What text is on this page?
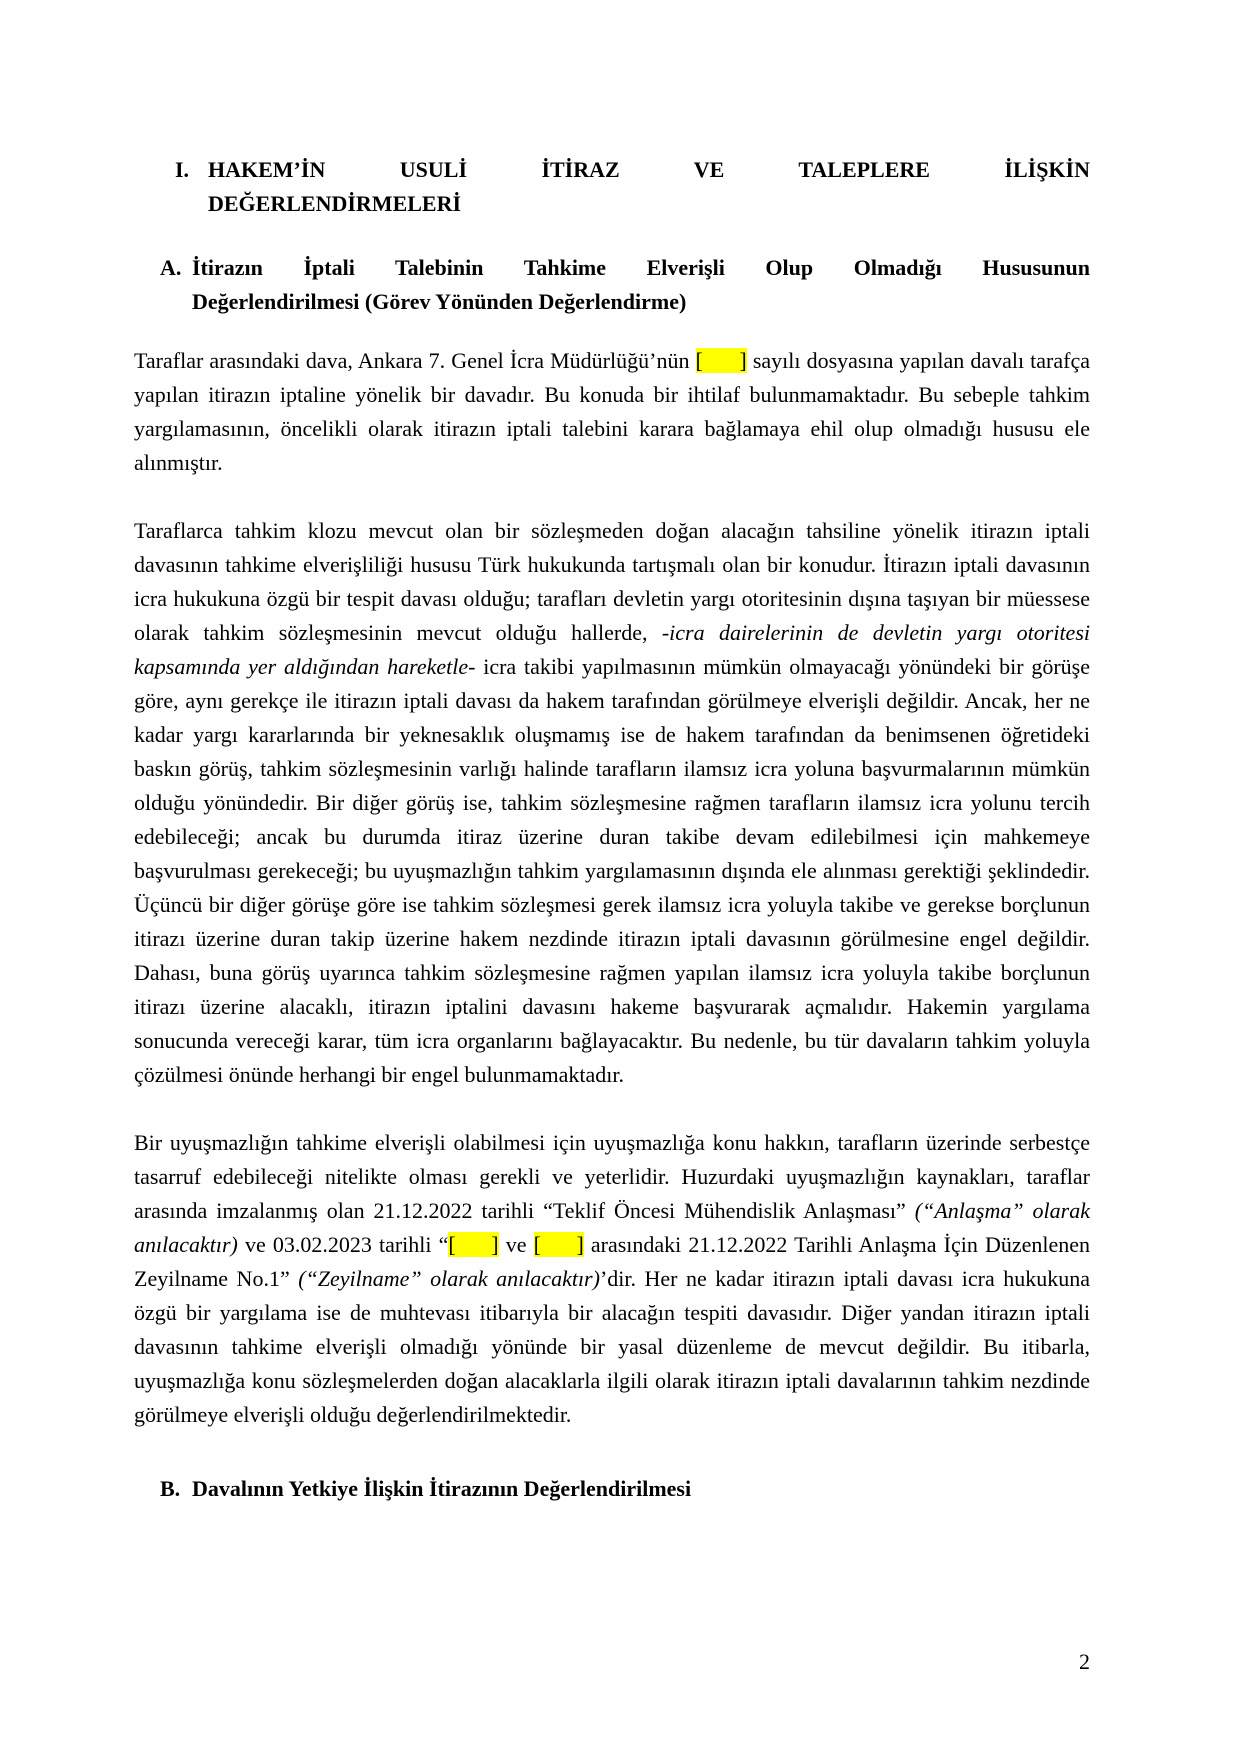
I. HAKEM’İN USULİ İTİRAZ VE TALEPLERE İLİŞKİN
DEĞERLENDİRMELERİ
A. İtirazın İptali Talebinin Tahkime Elverişli Olup Olmadığı Hususunun
Değerlendirilmesi (Görev Yönünden Değerlendirme)

Taraflar arasındaki dava, Ankara 7. Genel İcra Müdürlüğü’nün [      ] sayılı dosyasına yapılan davalı tarafça yapılan itirazın iptaline yönelik bir davadır. Bu konuda bir ihtilaf bulunmamaktadır. Bu sebeple tahkim yargılamasının, öncelikli olarak itirazın iptali talebini karara bağlamaya ehil olup olmadığı hususu ele alınmıştır.

Taraflarca tahkim klozu mevcut olan bir sözleşmeden doğan alacağın tahsiline yönelik itirazın iptali davasının tahkime elverişliliği hususu Türk hukukunda tartışmalı olan bir konudur. İtirazın iptali davasının icra hukukuna özgü bir tespit davası olduğu; tarafları devletin yargı otoritesinin dışına taşıyan bir müessese olarak tahkim sözleşmesinin mevcut olduğu hallerde, -icra dairelerinin de devletin yargı otoritesi kapsamında yer aldığından hareketle- icra takibi yapılmasının mümkün olmayacağı yönündeki bir görüşe göre, aynı gerekçe ile itirazın iptali davası da hakem tarafından görülmeye elverişli değildir. Ancak, her ne kadar yargı kararlarında bir yeknesaklık oluşmamış ise de hakem tarafından da benimsenen öğretideki baskın görüş, tahkim sözleşmesinin varlığı halinde tarafların ilamsız icra yoluna başvurmalarının mümkün olduğu yönündedir. Bir diğer görüş ise, tahkim sözleşmesine rağmen tarafların ilamsız icra yolunu tercih edebileceği; ancak bu durumda itiraz üzerine duran takibe devam edilebilmesi için mahkemeye başvurulması gerekeceği; bu uyuşmazlığın tahkim yargılamasının dışında ele alınması gerektiği şeklindedir. Üçüncü bir diğer görüşe göre ise tahkim sözleşmesi gerek ilamsız icra yoluyla takibe ve gerekse borçlunun itirazı üzerine duran takip üzerine hakem nezdinde itirazın iptali davasının görülmesine engel değildir. Dahası, buna görüş uyarınca tahkim sözleşmesine rağmen yapılan ilamsız icra yoluyla takibe borçlunun itirazı üzerine alacaklı, itirazın iptalini davasını hakeme başvurarak açmalıdır. Hakemin yargılama sonucunda vereceği karar, tüm icra organlarını bağlayacaktır. Bu nedenle, bu tür davaların tahkim yoluyla çözülmesi önünde herhangi bir engel bulunmamaktadır.

Bir uyuşmazlığın tahkime elverişli olabilmesi için uyuşmazlığa konu hakkın, tarafların üzerinde serbestçe tasarruf edebileceği nitelikte olması gerekli ve yeterlidir. Huzurdaki uyuşmazlığın kaynakları, taraflar arasında imzalanmış olan 21.12.2022 tarihli “Teklif Öncesi Mühendislik Anlaşması” (“Anlaşma” olarak anılacaktır) ve 03.02.2023 tarihli “[     ] ve [     ] arasındaki 21.12.2022 Tarihli Anlaşma İçin Düzenlenen Zeyilname No.1” (“Zeyilname” olarak anılacaktır)’dir. Her ne kadar itirazın iptali davası icra hukukuna özgü bir yargılama ise de muhtevası itibarıyla bir alacağın tespiti davasıdır. Diğer yandan itirazın iptali davasının tahkime elverişli olmadığı yönünde bir yasal düzenleme de mevcut değildir. Bu itibarla, uyuşmazlığa konu sözleşmelerden doğan alacaklarla ilgili olarak itirazın iptali davalarının tahkim nezdinde görülmeye elverişli olduğu değerlendirilmektedir.

B. Davalının Yetkiye İlişkin İtirazının Değerlendirilmesi
2
